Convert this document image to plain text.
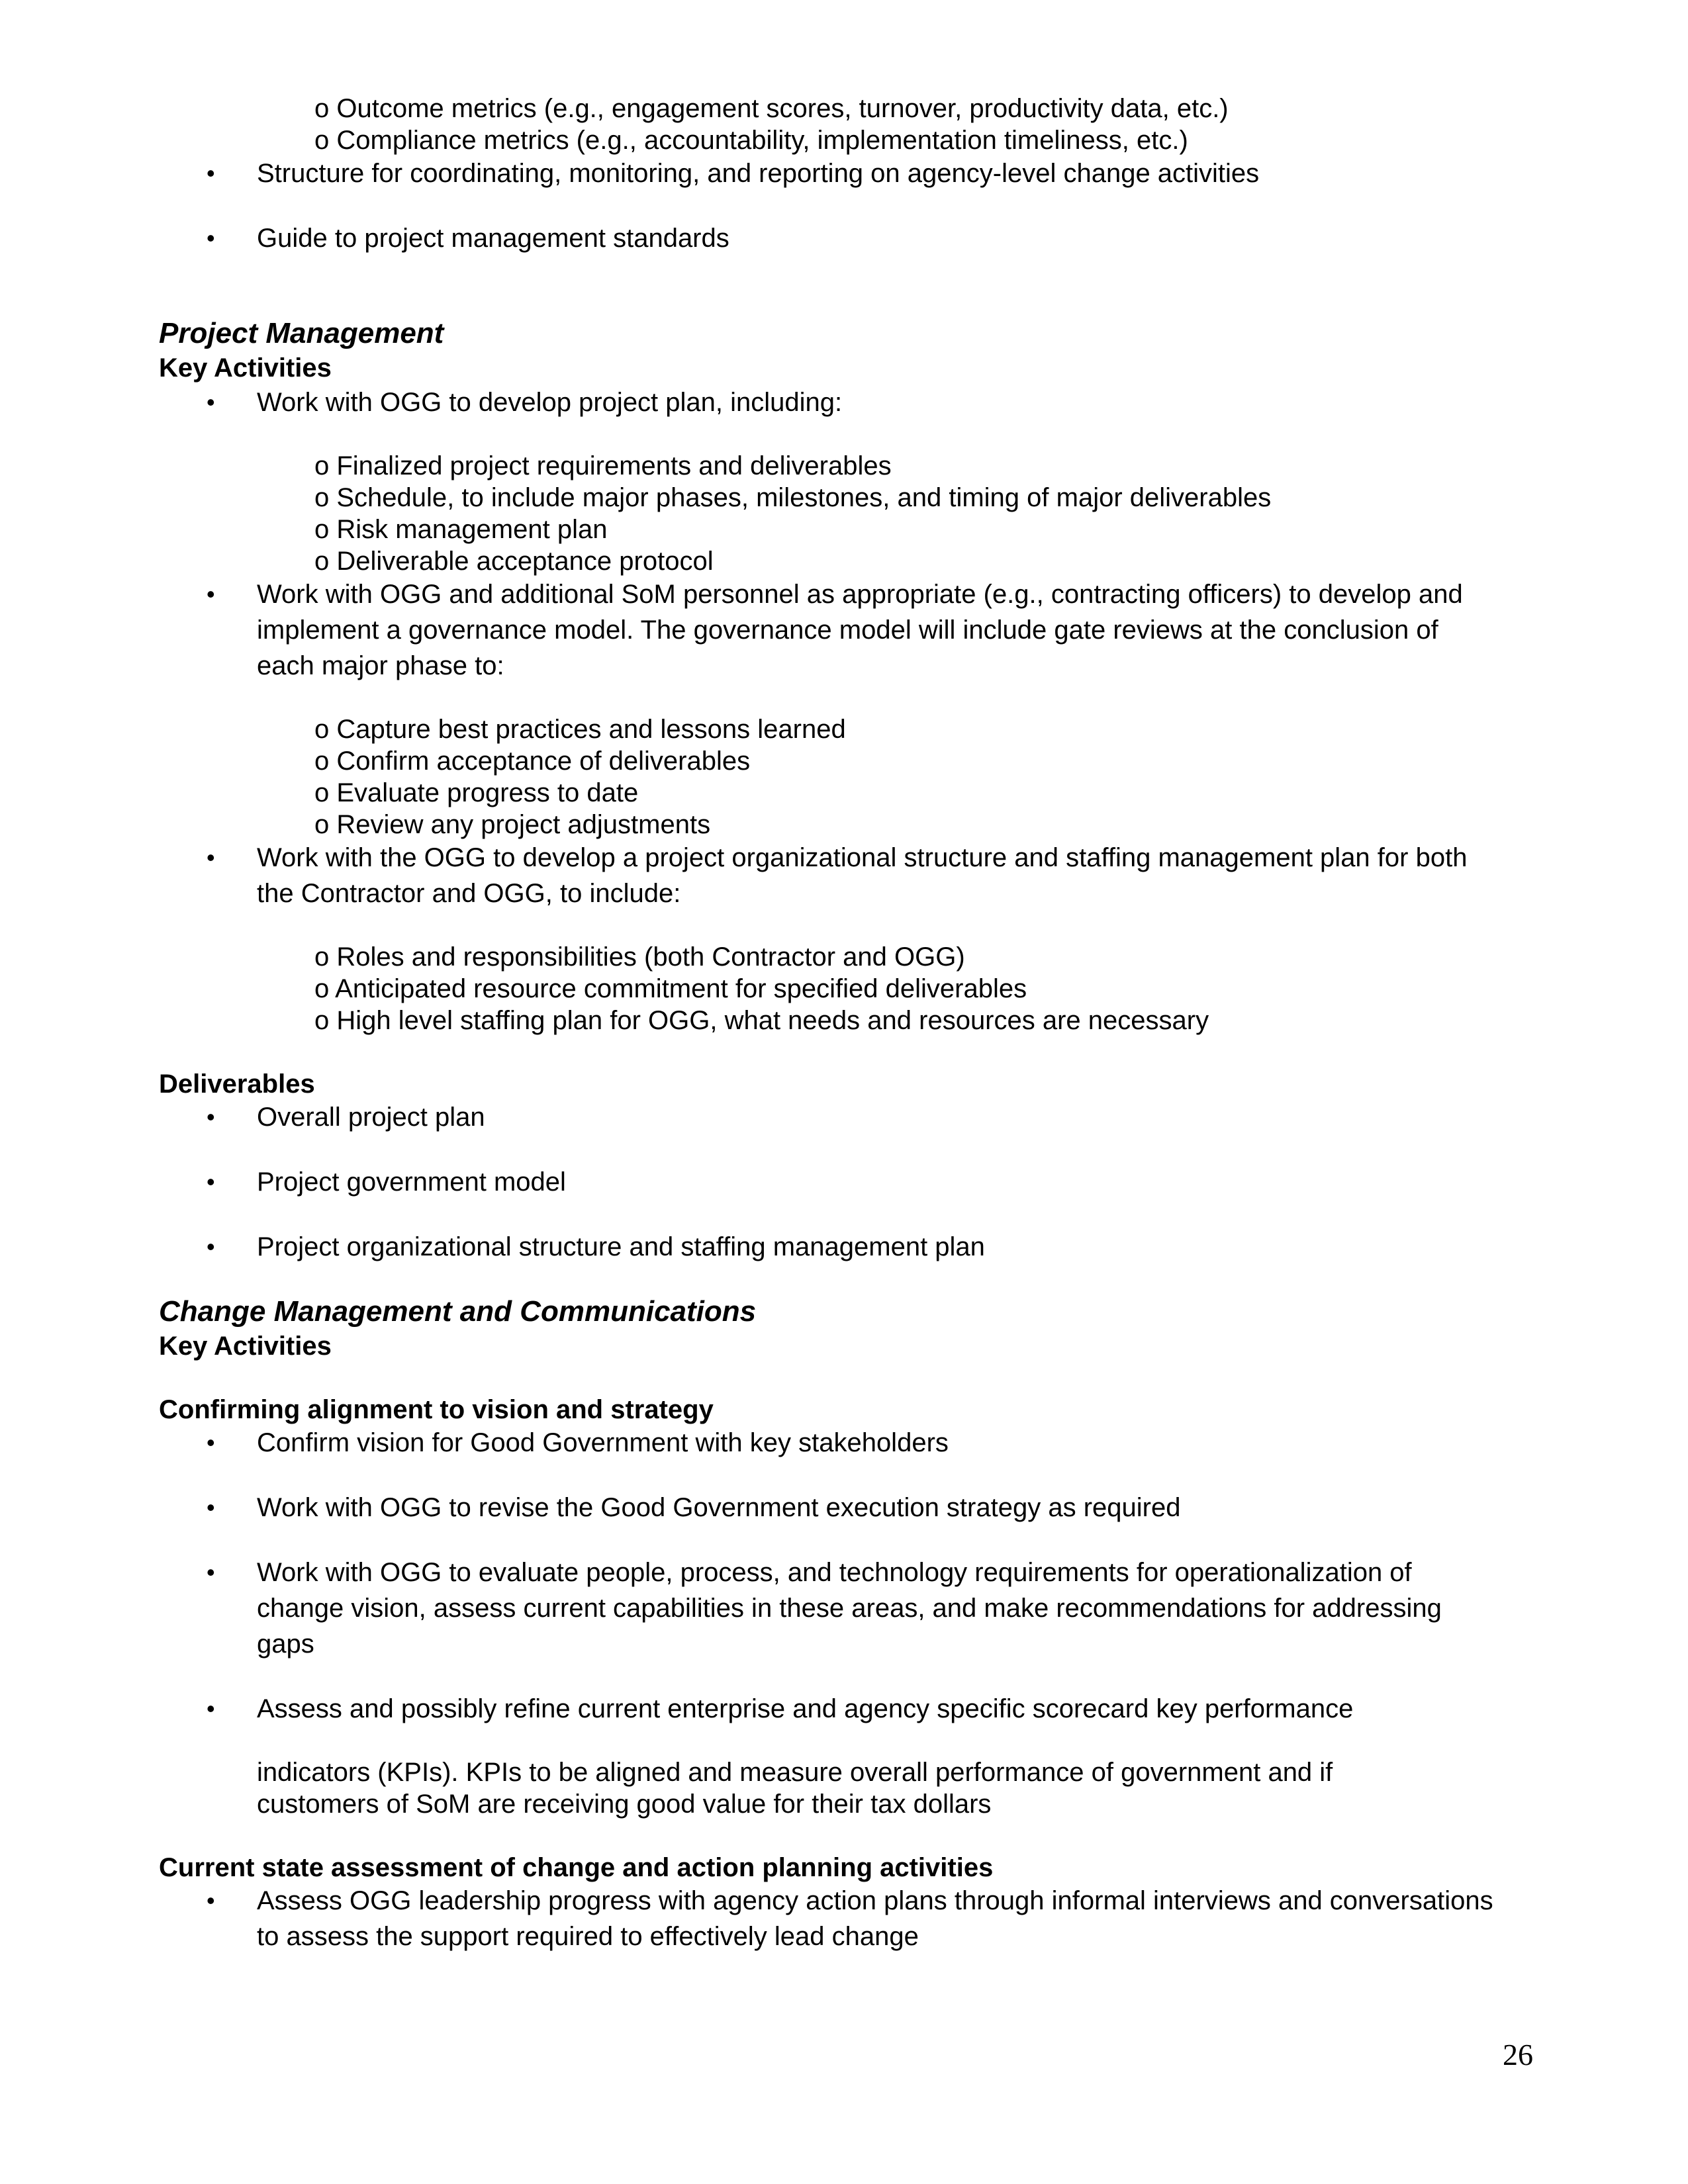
o Outcome metrics (e.g., engagement scores, turnover, productivity data, etc.)
o Compliance metrics (e.g., accountability, implementation timeliness, etc.)
• Structure for coordinating, monitoring, and reporting on agency-level change activities
• Guide to project management standards
Project Management
Key Activities
• Work with OGG to develop project plan, including:
o Finalized project requirements and deliverables
o Schedule, to include major phases, milestones, and timing of major deliverables
o Risk management plan
o Deliverable acceptance protocol
• Work with OGG and additional SoM personnel as appropriate (e.g., contracting officers) to develop and
implement a governance model. The governance model will include gate reviews at the conclusion of
each major phase to:
o Capture best practices and lessons learned
o Confirm acceptance of deliverables
o Evaluate progress to date
o Review any project adjustments
• Work with the OGG to develop a project organizational structure and staffing management plan for both
the Contractor and OGG, to include:
o Roles and responsibilities (both Contractor and OGG)
o Anticipated resource commitment for specified deliverables
o High level staffing plan for OGG, what needs and resources are necessary
Deliverables
• Overall project plan
• Project government model
• Project organizational structure and staffing management plan
Change Management and Communications
Key Activities
Confirming alignment to vision and strategy
• Confirm vision for Good Government with key stakeholders
• Work with OGG to revise the Good Government execution strategy as required
• Work with OGG to evaluate people, process, and technology requirements for operationalization of
change vision, assess current capabilities in these areas, and make recommendations for addressing
gaps
• Assess and possibly refine current enterprise and agency specific scorecard key performance
indicators (KPIs). KPIs to be aligned and measure overall performance of government and if
customers of SoM are receiving good value for their tax dollars
Current state assessment of change and action planning activities
• Assess OGG leadership progress with agency action plans through informal interviews and conversations
to assess the support required to effectively lead change
26
